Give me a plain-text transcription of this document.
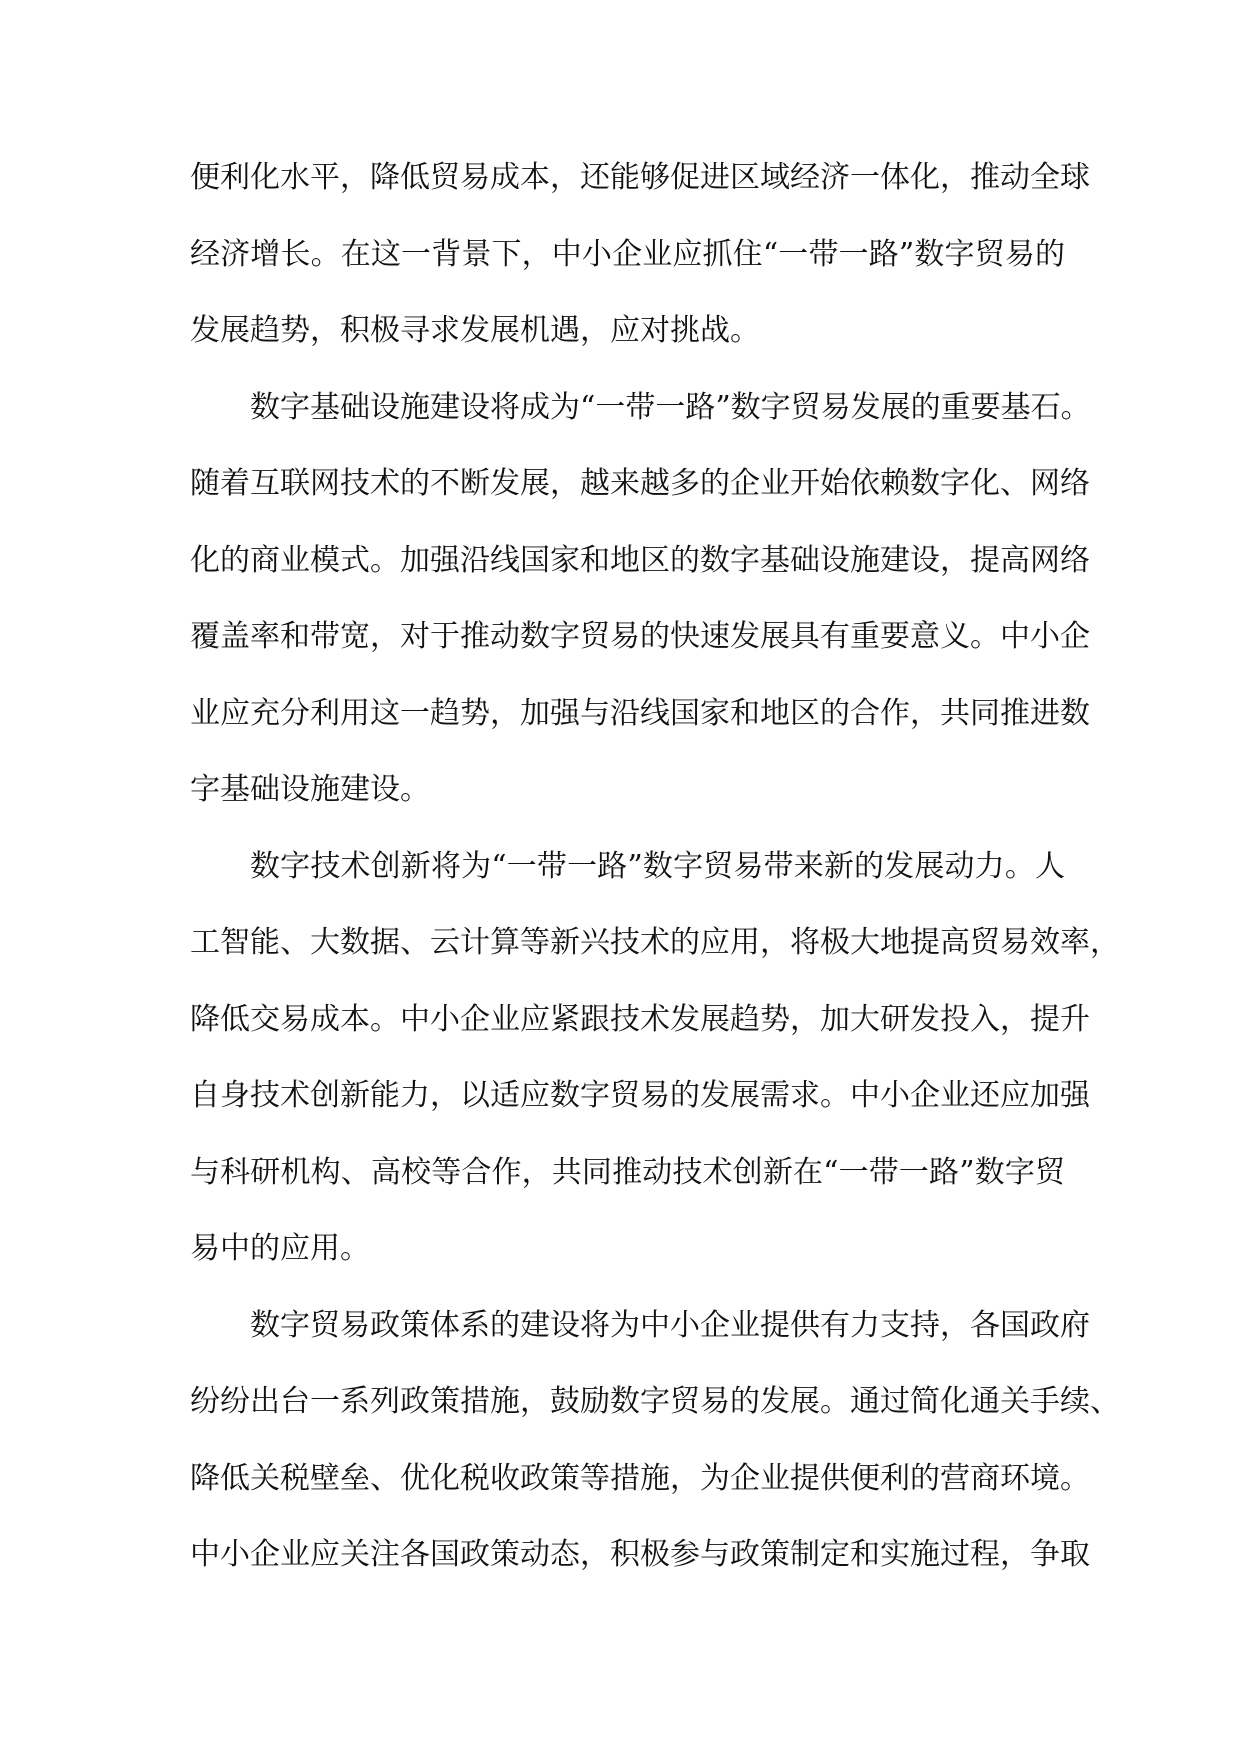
便利化水平，降低贸易成本，还能够促进区域经济一体化，推动全球
经济增长。在这一背景下，中小企业应抓住“一带一路”数字贸易的
发展趋势，积极寻求发展机遇，应对挑战。
数字基础设施建设将成为“一带一路”数字贸易发展的重要基石。
随着互联网技术的不断发展，越来越多的企业开始依赖数字化、网络
化的商业模式。加强沿线国家和地区的数字基础设施建设，提高网络
覆盖率和带宽，对于推动数字贸易的快速发展具有重要意义。中小企
业应充分利用这一趋势，加强与沿线国家和地区的合作，共同推进数
字基础设施建设。
数字技术创新将为“一带一路”数字贸易带来新的发展动力。人
工智能、大数据、云计算等新兴技术的应用，将极大地提高贸易效率，
降低交易成本。中小企业应紧跟技术发展趋势，加大研发投入，提升
自身技术创新能力，以适应数字贸易的发展需求。中小企业还应加强
与科研机构、高校等合作，共同推动技术创新在“一带一路”数字贸
易中的应用。
数字贸易政策体系的建设将为中小企业提供有力支持，各国政府
纷纷出台一系列政策措施，鼓励数字贸易的发展。通过简化通关手续、
降低关税壁垒、优化税收政策等措施，为企业提供便利的营商环境。
中小企业应关注各国政策动态，积极参与政策制定和实施过程，争取
